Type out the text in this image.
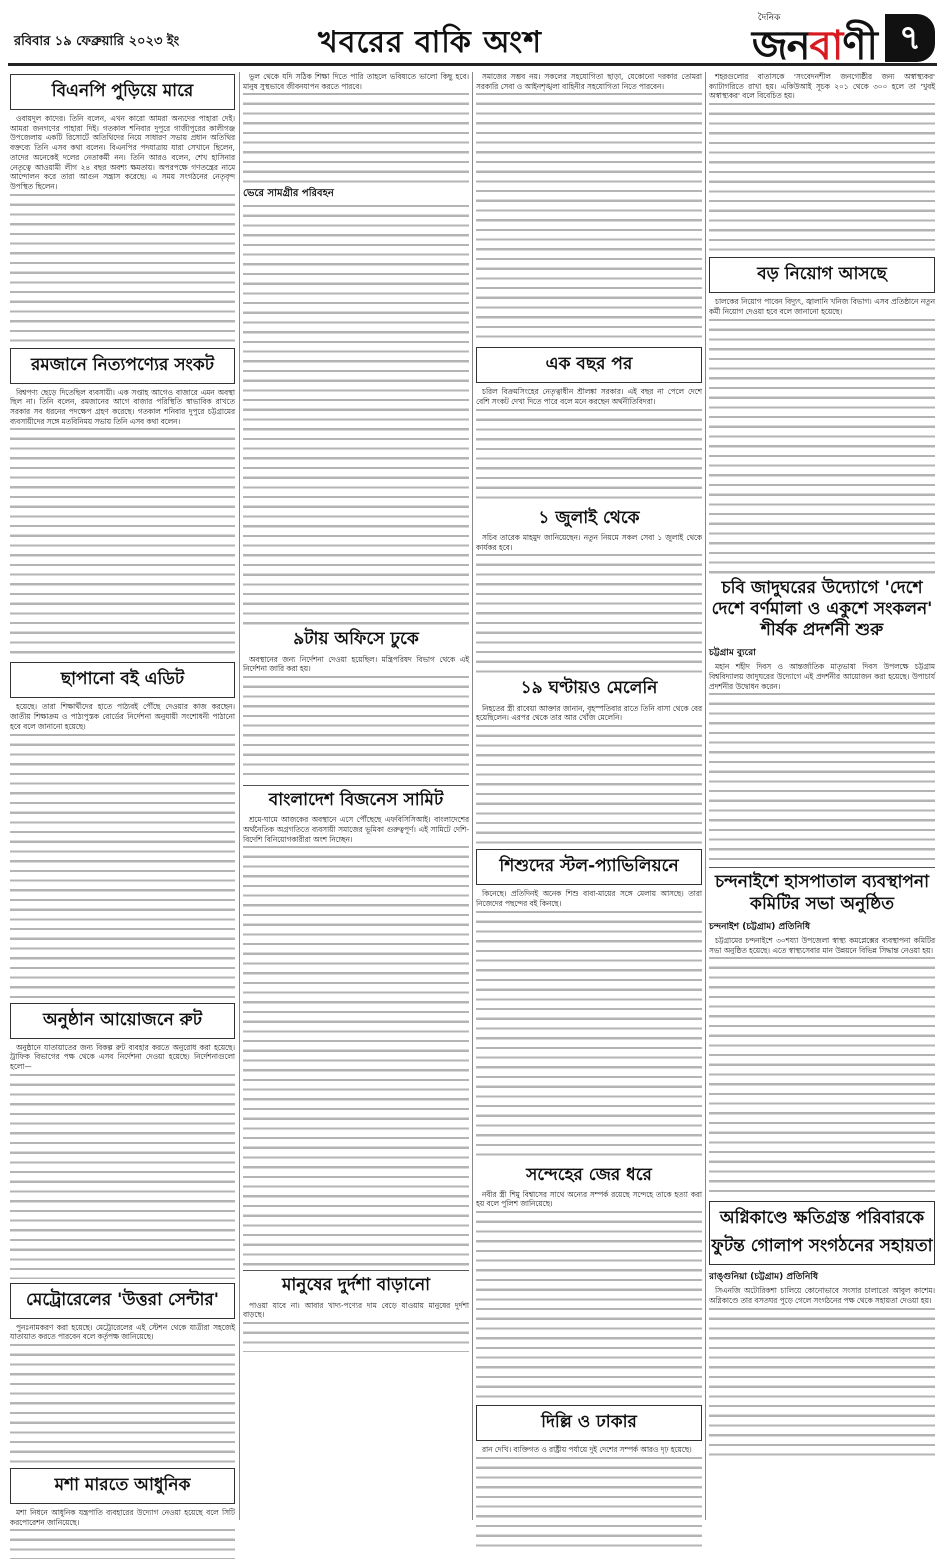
রবিবার ১৯ ফেব্রুয়ারি ২০২৩ ইং	খবরের বাকি অংশ
দৈনিক
জনবাণী ৭
বিএনপি পুড়িয়ে মারে

ওবায়দুল কাদের। তিনি বলেন, এখন কারো আমরা অন্যদের পাহারা দেই। আমরা জনগণের পাহারা দিই। গতকাল শনিবার দুপুরে গাজীপুরের কালীগঞ্জ উপজেলায় একটি রিসোর্টে অতিথিদের নিয়ে সাধারণ সভায় প্রধান অতিথির বক্তব্যে তিনি এসব কথা বলেন। বিএনপির পদযাত্রায় যারা সেখানে ছিলেন, তাদের অনেকেই দলের নেতাকর্মী নন। তিনি আরও বলেন, শেখ হাসিনার নেতৃত্বে আওয়ামী লীগ ২৪ বছর অবশ্য ক্ষমতায়। অপরপক্ষে গণতন্ত্রের নামে আন্দোলন করে তারা আগুন সন্ত্রাস করেছে। এ সময় সংগঠনের নেতৃবৃন্দ উপস্থিত ছিলেন।

রমজানে নিত্যপণ্যের সংকট

বিশ্বপণ্য ছেড়ে দিতেছিল ব্যবসায়ী। এক সপ্তাহ আগেও বাজারে এমন অবস্থা ছিল না। তিনি বলেন, রমজানের আগে বাজার পরিস্থিতি স্বাভাবিক রাখতে সরকার সব ধরনের পদক্ষেপ গ্রহণ করেছে। গতকাল শনিবার দুপুরে চট্টগ্রামের ব্যবসায়ীদের সঙ্গে মতবিনিময় সভায় তিনি এসব কথা বলেন।

ছাপানো বই এডিট

হয়েছে। তারা শিক্ষার্থীদের হাতে পাঠ্যবই পৌঁছে দেওয়ার কাজ করছেন। জাতীয় শিক্ষাক্রম ও পাঠ্যপুস্তক বোর্ডের নির্দেশনা অনুযায়ী সংশোধনী পাঠানো হবে বলে জানানো হয়েছে।

অনুষ্ঠান আয়োজনে রুট

অনুষ্ঠানে যাতায়াতের জন্য বিকল্প রুট ব্যবহার করতে অনুরোধ করা হয়েছে। ট্রাফিক বিভাগের পক্ষ থেকে এসব নির্দেশনা দেওয়া হয়েছে। নির্দেশনাগুলো হলো—

মেট্রোরেলের 'উত্তরা সেন্টার'

পুনঃনামকরণ করা হয়েছে। মেট্রোরেলের এই স্টেশন থেকে যাত্রীরা সহজেই যাতায়াত করতে পারবেন বলে কর্তৃপক্ষ জানিয়েছে।

মশা মারতে আধুনিক

মশা নিধনে আধুনিক যন্ত্রপাতি ব্যবহারের উদ্যোগ নেওয়া হয়েছে বলে সিটি করপোরেশন জানিয়েছে।

ভুল থেকে যদি সঠিক শিক্ষা দিতে পারি তাহলে ভবিষ্যতে ভালো কিছু হবে। মানুষ সুস্থভাবে জীবনযাপন করতে পারবে।

ভেরে সামগ্রীর পরিবহন
৯টায় অফিসে ঢুকে

অবস্থানের জন্য নির্দেশনা দেওয়া হয়েছিল। মন্ত্রিপরিষদ বিভাগ থেকে এই নির্দেশনা জারি করা হয়।

বাংলাদেশ বিজনেস সামিট

শ্রমে-ঘামে আজকের অবস্থানে এসে পৌঁছেছে এফবিসিসিআই। বাংলাদেশের অর্থনৈতিক অগ্রগতিতে ব্যবসায়ী সমাজের ভূমিকা গুরুত্বপূর্ণ। এই সামিটে দেশি-বিদেশি বিনিয়োগকারীরা অংশ নিচ্ছেন।

মানুষের দুর্দশা বাড়ানো

পাওয়া যাবে না। আবার খাদ্য-পণ্যের দাম বেড়ে যাওয়ায় মানুষের দুর্দশা বাড়ছে।

সমাজের সম্ভব নয়। সকলের সহযোগিতা ছাড়া, যেকোনো দরকার তোমরা সরকারি সেবা ও আইনশৃঙ্খলা বাহিনীর সহযোগিতা নিতে পারবেন।

এক বছর পর

চরিল বিক্রমসিংহের নেতৃত্বাধীন শ্রীলঙ্কা সরকার। এই বছর না পেলে দেশে বেশি সংকট দেখা দিতে পারে বলে মনে করছেন অর্থনীতিবিদরা।

১ জুলাই থেকে

সচিব তারেক মাহমুদ জানিয়েছেন। নতুন নিয়মে সকল সেবা ১ জুলাই থেকে কার্যকর হবে।

১৯ ঘণ্টায়ও মেলেনি

নিহতের স্ত্রী রাবেয়া আক্তার জানান, বৃহস্পতিবার রাতে তিনি বাসা থেকে বের হয়েছিলেন। এরপর থেকে তার আর খোঁজ মেলেনি।

শিশুদের স্টল-প্যাভিলিয়নে

কিনেছে। প্রতিদিনই অনেক শিশু বাবা-মায়ের সঙ্গে মেলায় আসছে। তারা নিজেদের পছন্দের বই কিনছে।

সন্দেহের জের ধরে

নবীর স্ত্রী শিমু বিশ্বাসের সাথে অন্যের সম্পর্ক রয়েছে সন্দেহে তাকে হত্যা করা হয় বলে পুলিশ জানিয়েছে।

দিল্লি ও ঢাকার

রান দেখি। ব্যক্তিগত ও রাষ্ট্রীয় পর্যায়ে দুই দেশের সম্পর্ক আরও দৃঢ় হয়েছে।

শহরগুলোর বাতাসকে 'সংবেদনশীল জনগোষ্ঠীর জন্য অস্বাস্থ্যকর' ক্যাটাগরিতে রাখা হয়। একিউআই সূচক ২০১ থেকে ৩০০ হলে তা 'খুবই অস্বাস্থ্যকর' বলে বিবেচিত হয়।

বড় নিয়োগ আসছে

চালকের নিয়োগ পাবেন বিদ্যুৎ, জ্বালানি খনিজ বিভাগ। এসব প্রতিষ্ঠানে নতুন কর্মী নিয়োগ দেওয়া হবে বলে জানানো হয়েছে।

চবি জাদুঘরের উদ্যোগে 'দেশে দেশে বর্ণমালা ও একুশে সংকলন' শীর্ষক প্রদর্শনী শুরু
চট্টগ্রাম ব্যুরো

মহান শহীদ দিবস ও আন্তর্জাতিক মাতৃভাষা দিবস উপলক্ষে চট্টগ্রাম বিশ্ববিদ্যালয় জাদুঘরের উদ্যোগে এই প্রদর্শনীর আয়োজন করা হয়েছে। উপাচার্য প্রদর্শনীর উদ্বোধন করেন।

চন্দনাইশে হাসপাতাল ব্যবস্থাপনা কমিটির সভা অনুষ্ঠিত
চন্দনাইশ (চট্টগ্রাম) প্রতিনিধি

চট্টগ্রামের চন্দনাইশে ৩০শয্যা উপজেলা স্বাস্থ্য কমপ্লেক্সের ব্যবস্থাপনা কমিটির সভা অনুষ্ঠিত হয়েছে। এতে স্বাস্থ্যসেবার মান উন্নয়নে বিভিন্ন সিদ্ধান্ত নেওয়া হয়।

অগ্নিকাণ্ডে ক্ষতিগ্রস্ত পরিবারকে ফুটন্ত গোলাপ সংগঠনের সহায়তা
রাঙ্গুনিয়া (চট্টগ্রাম) প্রতিনিধি

সিএনজি অটোরিকশা চালিয়ে কোনোভাবে সংসার চালাতো আবুল কাশেম। অগ্নিকাণ্ডে তার বসতঘর পুড়ে গেলে সংগঠনের পক্ষ থেকে সহায়তা দেওয়া হয়।
